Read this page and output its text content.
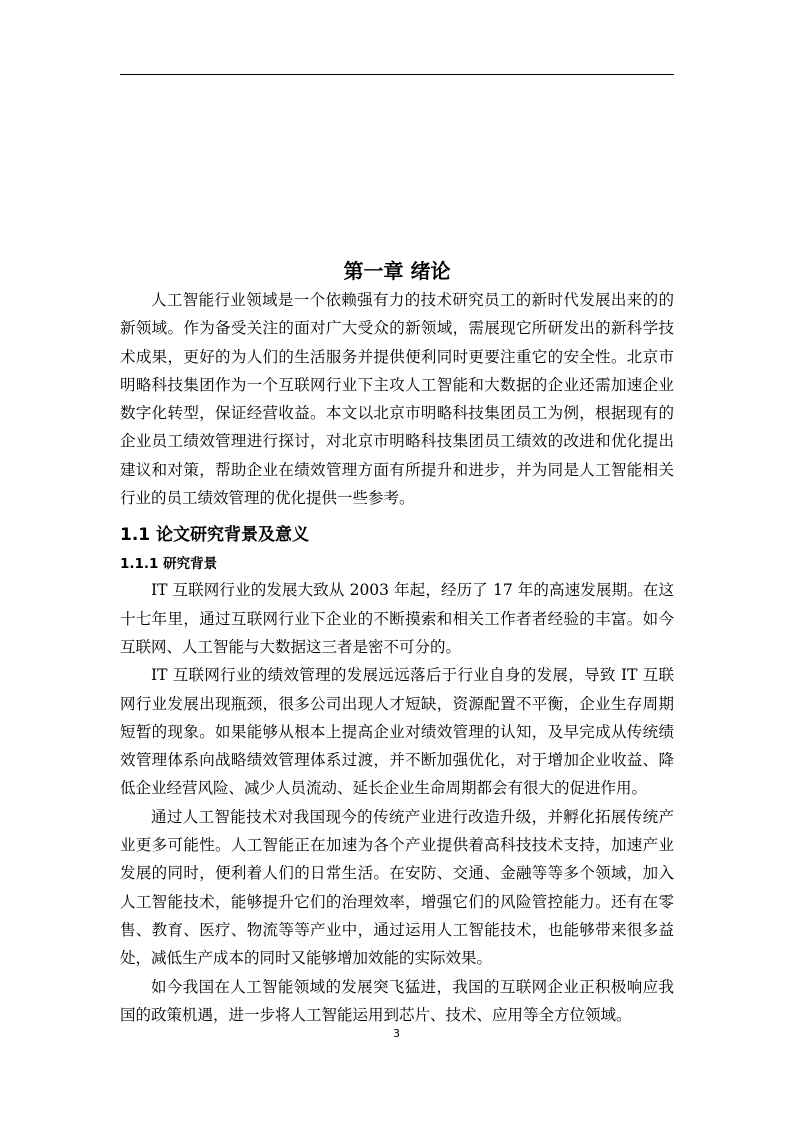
第一章 绪论

人工智能行业领域是一个依赖强有力的技术研究员工的新时代发展出来的的新领域。作为备受关注的面对广大受众的新领域，需展现它所研发出的新科学技术成果，更好的为人们的生活服务并提供便利同时更要注重它的安全性。北京市明略科技集团作为一个互联网行业下主攻人工智能和大数据的企业还需加速企业数字化转型，保证经营收益。本文以北京市明略科技集团员工为例，根据现有的企业员工绩效管理进行探讨，对北京市明略科技集团员工绩效的改进和优化提出建议和对策，帮助企业在绩效管理方面有所提升和进步，并为同是人工智能相关行业的员工绩效管理的优化提供一些参考。

1.1 论文研究背景及意义
1.1.1 研究背景

IT 互联网行业的发展大致从 2003 年起，经历了 17 年的高速发展期。在这十七年里，通过互联网行业下企业的不断摸索和相关工作者者经验的丰富。如今互联网、人工智能与大数据这三者是密不可分的。

IT 互联网行业的绩效管理的发展远远落后于行业自身的发展，导致 IT 互联网行业发展出现瓶颈，很多公司出现人才短缺，资源配置不平衡，企业生存周期短暂的现象。如果能够从根本上提高企业对绩效管理的认知，及早完成从传统绩效管理体系向战略绩效管理体系过渡，并不断加强优化，对于增加企业收益、降低企业经营风险、减少人员流动、延长企业生命周期都会有很大的促进作用。

通过人工智能技术对我国现今的传统产业进行改造升级，并孵化拓展传统产业更多可能性。人工智能正在加速为各个产业提供着高科技技术支持，加速产业发展的同时，便利着人们的日常生活。在安防、交通、金融等等多个领域，加入人工智能技术，能够提升它们的治理效率，增强它们的风险管控能力。还有在零售、教育、医疗、物流等等产业中，通过运用人工智能技术，也能够带来很多益处，减低生产成本的同时又能够增加效能的实际效果。

如今我国在人工智能领域的发展突飞猛进，我国的互联网企业正积极响应我国的政策机遇，进一步将人工智能运用到芯片、技术、应用等全方位领域。

3
